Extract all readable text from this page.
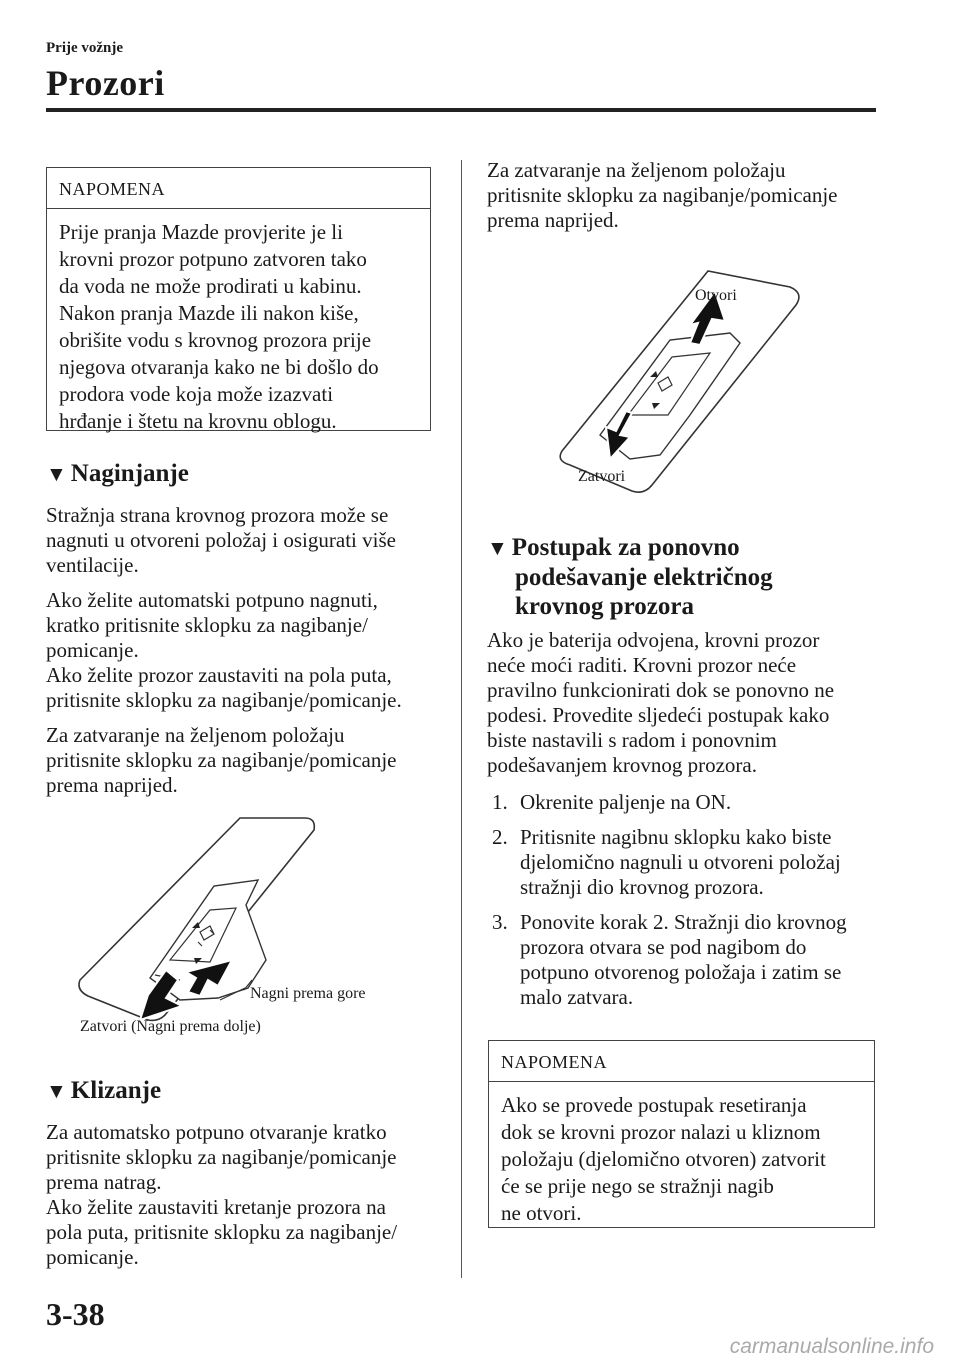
Prije vožnje
Prozori
NAPOMENA

Prije pranja Mazde provjerite je li

krovni prozor potpuno zatvoren tako

da voda ne može prodirati u kabinu.

Nakon pranja Mazde ili nakon kiše,

obrišite vodu s krovnog prozora prije

njegova otvaranja kako ne bi došlo do

prodora vode koja može izazvati

hrđanje i štetu na krovnu oblogu.

▼ Naginjanje

Stražnja strana krovnog prozora može se

nagnuti u otvoreni položaj i osigurati više

ventilacije.

Ako želite automatski potpuno nagnuti,

kratko pritisnite sklopku za nagibanje/

pomicanje.

Ako želite prozor zaustaviti na pola puta,

pritisnite sklopku za nagibanje/pomicanje.

Za zatvaranje na željenom položaju

pritisnite sklopku za nagibanje/pomicanje

prema naprijed.

Nagni prema gore
Zatvori (Nagni prema dolje)
▼ Klizanje

Za automatsko potpuno otvaranje kratko

pritisnite sklopku za nagibanje/pomicanje

prema natrag.

Ako želite zaustaviti kretanje prozora na

pola puta, pritisnite sklopku za nagibanje/

pomicanje.

Za zatvaranje na željenom položaju

pritisnite sklopku za nagibanje/pomicanje

prema naprijed.

Otvori
Zatvori
▼ Postupak za ponovno
podešavanje električnog
krovnog prozora

Ako je baterija odvojena, krovni prozor

neće moći raditi. Krovni prozor neće

pravilno funkcionirati dok se ponovno ne

podesi. Provedite sljedeći postupak kako

biste nastavili s radom i ponovnim

podešavanjem krovnog prozora.

1. Okrenite paljenje na ON.
2. Pritisnite nagibnu sklopku kako biste
djelomično nagnuli u otvoreni položaj
stražnji dio krovnog prozora.
3. Ponovite korak 2. Stražnji dio krovnog
prozora otvara se pod nagibom do
potpuno otvorenog položaja i zatim se
malo zatvara.
NAPOMENA

Ako se provede postupak resetiranja

dok se krovni prozor nalazi u kliznom

položaju (djelomično otvoren) zatvorit

će se prije nego se stražnji nagib

ne otvori.

3-38
carmanualsonline.info
